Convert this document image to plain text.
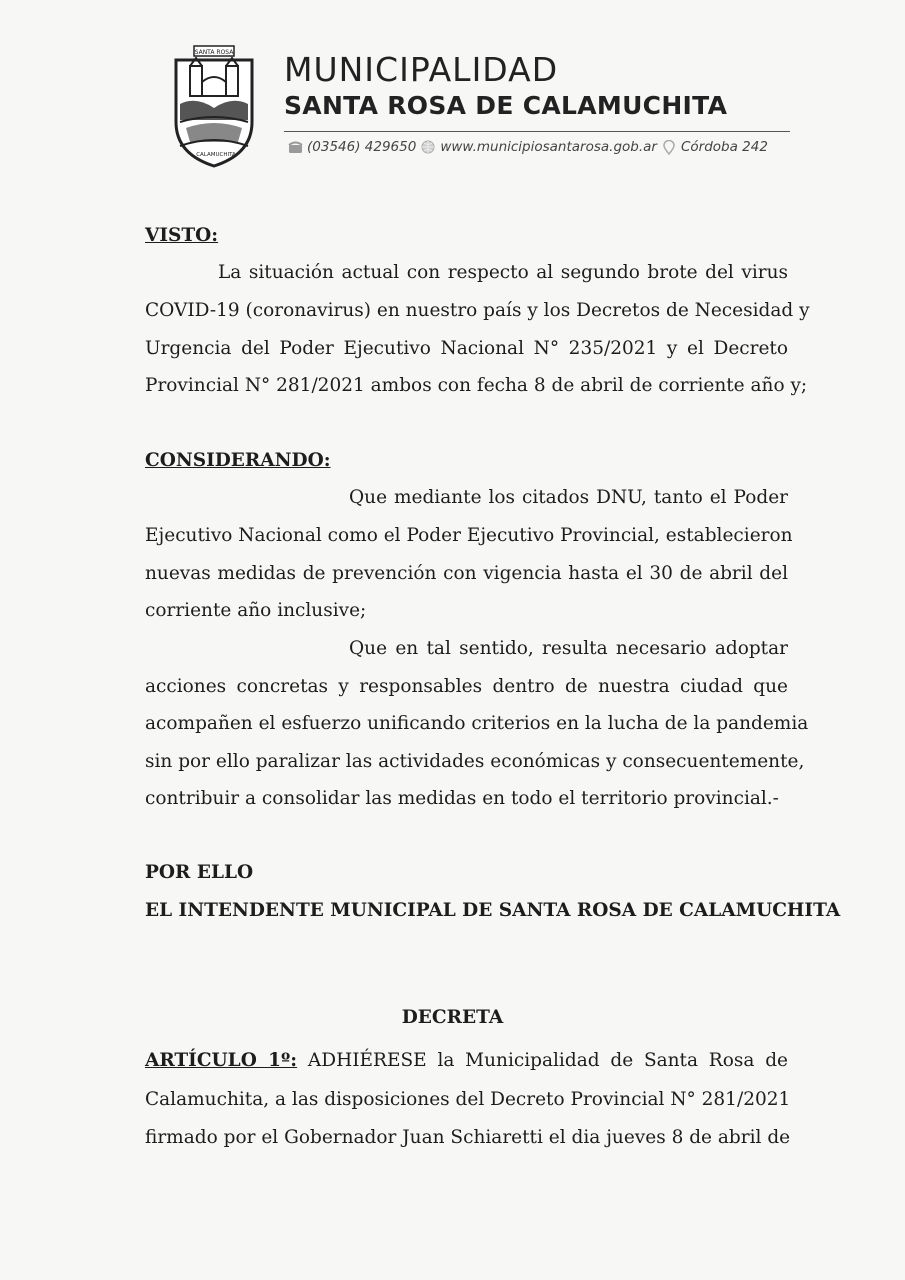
SANTA ROSA
CALAMUCHITA
MUNICIPALIDAD
SANTA ROSA DE CALAMUCHITA
(03546) 429650 www.municipiosantarosa.gob.ar Córdoba 242
VISTO:
La situación actual con respecto al segundo brote del virus
COVID-19 (coronavirus) en nuestro país y los Decretos de Necesidad y
Urgencia del Poder Ejecutivo Nacional N° 235/2021 y el Decreto
Provincial N° 281/2021 ambos con fecha 8 de abril de corriente año y;
CONSIDERANDO:
Que mediante los citados DNU, tanto el Poder
Ejecutivo Nacional como el Poder Ejecutivo Provincial, establecieron
nuevas medidas de prevención con vigencia hasta el 30 de abril del
corriente año inclusive;
Que en tal sentido, resulta necesario adoptar
acciones concretas y responsables dentro de nuestra ciudad que
acompañen el esfuerzo unificando criterios en la lucha de la pandemia
sin por ello paralizar las actividades económicas y consecuentemente,
contribuir a consolidar las medidas en todo el territorio provincial.-
POR ELLO
EL INTENDENTE MUNICIPAL DE SANTA ROSA DE CALAMUCHITA
DECRETA
ARTÍCULO 1º: ADHIÉRESE la Municipalidad de Santa Rosa de
Calamuchita, a las disposiciones del Decreto Provincial N° 281/2021
firmado por el Gobernador Juan Schiaretti el dia jueves 8 de abril de
